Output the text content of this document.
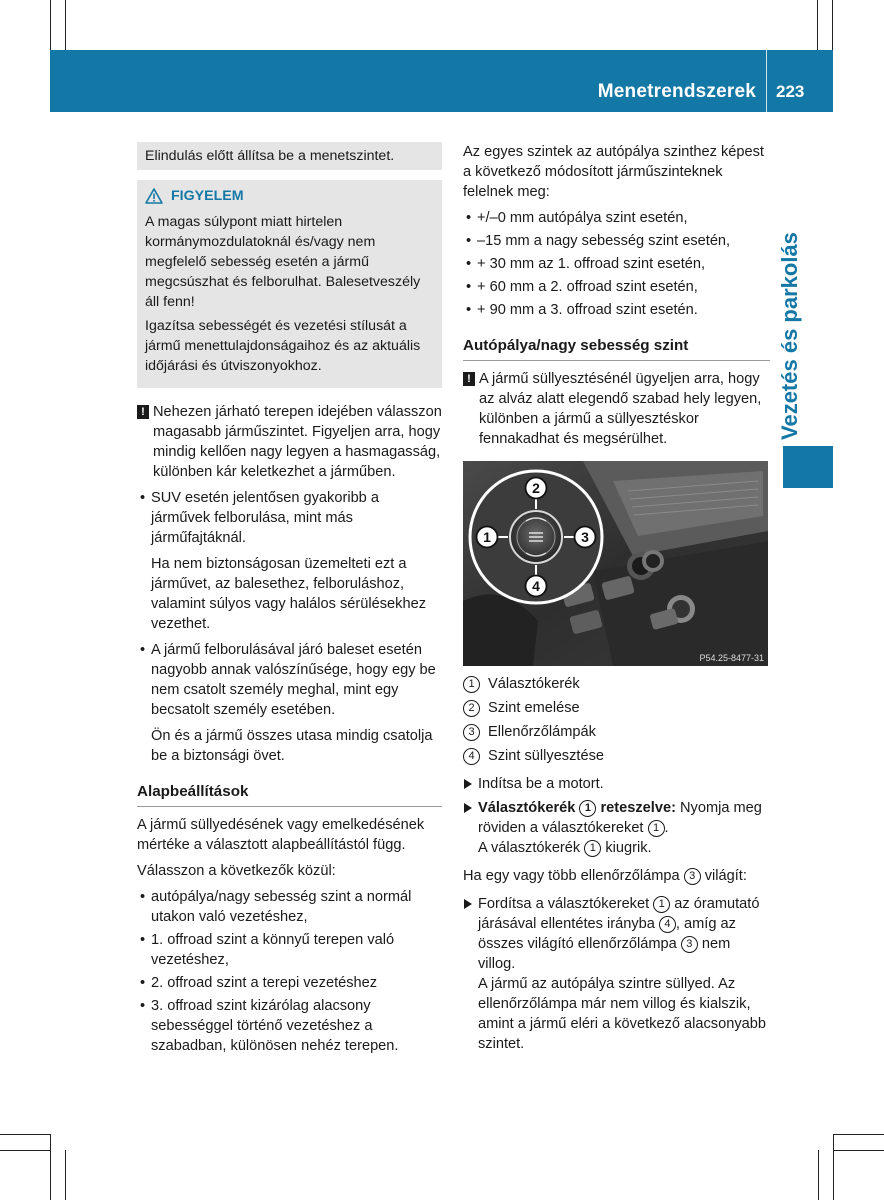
Menetrendszerek 223
Vezetés és parkolás
Elindulás előtt állítsa be a menetszintet.
FIGYELEM

A magas súlypont miatt hirtelen kormánymozdulatoknál és/vagy nem megfelelő sebesség esetén a jármű megcsúszhat és felborulhat. Balesetveszély áll fenn!

Igazítsa sebességét és vezetési stílusát a jármű menettulajdonságaihoz és az aktuális időjárási és útviszonyokhoz.

! Nehezen járható terepen idejében válasszon magasabb járműszintet. Figyeljen arra, hogy mindig kellően nagy legyen a hasmagasság, különben kár keletkezhet a járműben.

• SUV esetén jelentősen gyakoribb a járművek felborulása, mint más járműfajtáknál.

Ha nem biztonságosan üzemelteti ezt a járművet, az balesethez, felboruláshoz, valamint súlyos vagy halálos sérülésekhez vezethet.

• A jármű felborulásával járó baleset esetén nagyobb annak valószínűsége, hogy egy be nem csatolt személy meghal, mint egy becsatolt személy esetében.

Ön és a jármű összes utasa mindig csatolja be a biztonsági övet.

Alapbeállítások

A jármű süllyedésének vagy emelkedésének mértéke a választott alapbeállítástól függ.

Válasszon a következők közül:

• autópálya/nagy sebesség szint a normál utakon való vezetéshez,
• 1. offroad szint a könnyű terepen való vezetéshez,
• 2. offroad szint a terepi vezetéshez
• 3. offroad szint kizárólag alacsony sebességgel történő vezetéshez a szabadban, különösen nehéz terepen.

Az egyes szintek az autópálya szinthez képest a következő módosított járműszinteknek felelnek meg:

• +/–0 mm autópálya szint esetén,
• –15 mm a nagy sebesség szint esetén,
• + 30 mm az 1. offroad szint esetén,
• + 60 mm a 2. offroad szint esetén,
• + 90 mm a 3. offroad szint esetén.
Autópálya/nagy sebesség szint
! A jármű süllyesztésénél ügyeljen arra, hogy az alváz alatt elegendő szabad hely legyen, különben a jármű a süllyesztéskor fennakadhat és megsérülhet.
2
4
1	3
P54.25-8477-31
1 Választókerék
2 Szint emelése
3 Ellenőrzőlámpák
4 Szint süllyesztése
Indítsa be a motort.
Választókerék 1 reteszelve: Nyomja meg röviden a választókereket 1 .
A választókerék 1 kiugrik.

Ha egy vagy több ellenőrzőlámpa 3 világít:

Fordítsa a választókereket 1 az óramutató járásával ellentétes irányba 4 , amíg az összes világító ellenőrzőlámpa 3 nem villog.
A jármű az autópálya szintre süllyed. Az ellenőrzőlámpa már nem villog és kialszik, amint a jármű eléri a következő alacsonyabb szintet.
